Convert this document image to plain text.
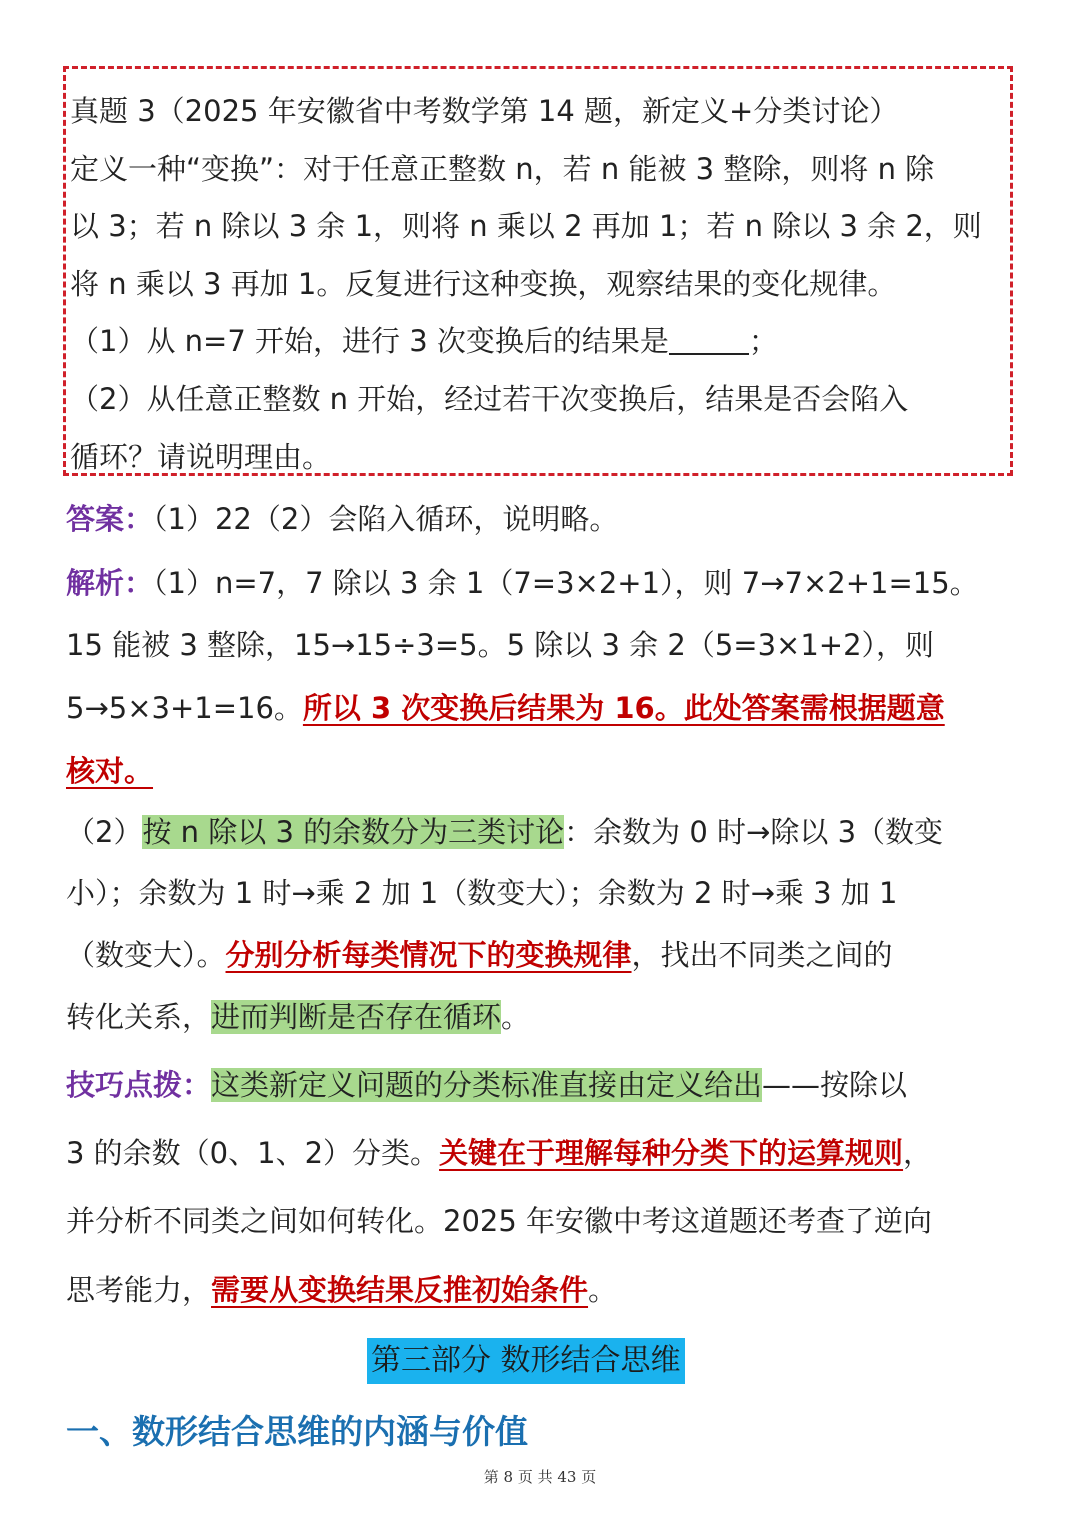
真题 3（2025 年安徽省中考数学第 14 题，新定义+分类讨论）
定义一种“变换”：对于任意正整数 n，若 n 能被 3 整除，则将 n 除
以 3；若 n 除以 3 余 1，则将 n 乘以 2 再加 1；若 n 除以 3 余 2，则
将 n 乘以 3 再加 1。反复进行这种变换，观察结果的变化规律。
（1）从 n=7 开始，进行 3 次变换后的结果是	；
（2）从任意正整数 n 开始，经过若干次变换后，结果是否会陷入
循环？请说明理由。
答案：（1）22（2）会陷入循环，说明略。
解析：（1）n=7，7 除以 3 余 1（7=3×2+1），则 7→7×2+1=15。
15 能被 3 整除，15→15÷3=5。5 除以 3 余 2（5=3×1+2），则
5→5×3+1=16。所以 3 次变换后结果为 16。此处答案需根据题意
核对。
（2）按 n 除以 3 的余数分为三类讨论：余数为 0 时→除以 3（数变
小）；余数为 1 时→乘 2 加 1（数变大）；余数为 2 时→乘 3 加 1
（数变大）。分别分析每类情况下的变换规律，找出不同类之间的
转化关系，进而判断是否存在循环。
技巧点拨：这类新定义问题的分类标准直接由定义给出——按除以
3 的余数（0、1、2）分类。关键在于理解每种分类下的运算规则，
并分析不同类之间如何转化。2025 年安徽中考这道题还考查了逆向
思考能力，需要从变换结果反推初始条件。
第三部分 数形结合思维
一、数形结合思维的内涵与价值
第 8 页 共 43 页
